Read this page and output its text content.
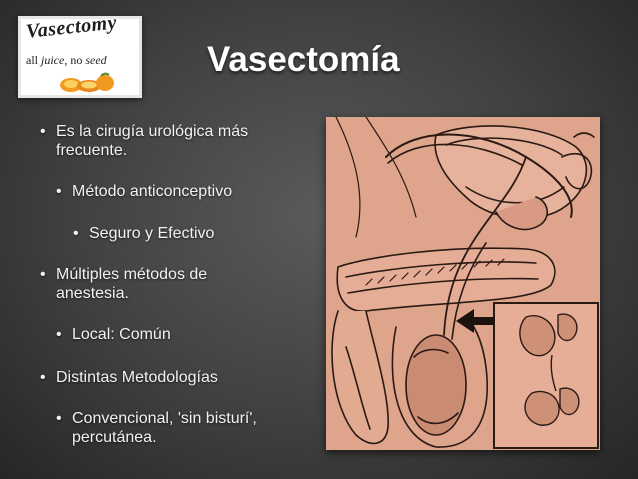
Vasectomy
all juice, no seed	Vasectomía
• Es la cirugía urológica más
frecuente.
• Método anticonceptivo
• Seguro y Efectivo
• Múltiples métodos de
anestesia.
• Local: Común
• Distintas Metodologías
• Convencional, 'sin bisturí',
percutánea.
